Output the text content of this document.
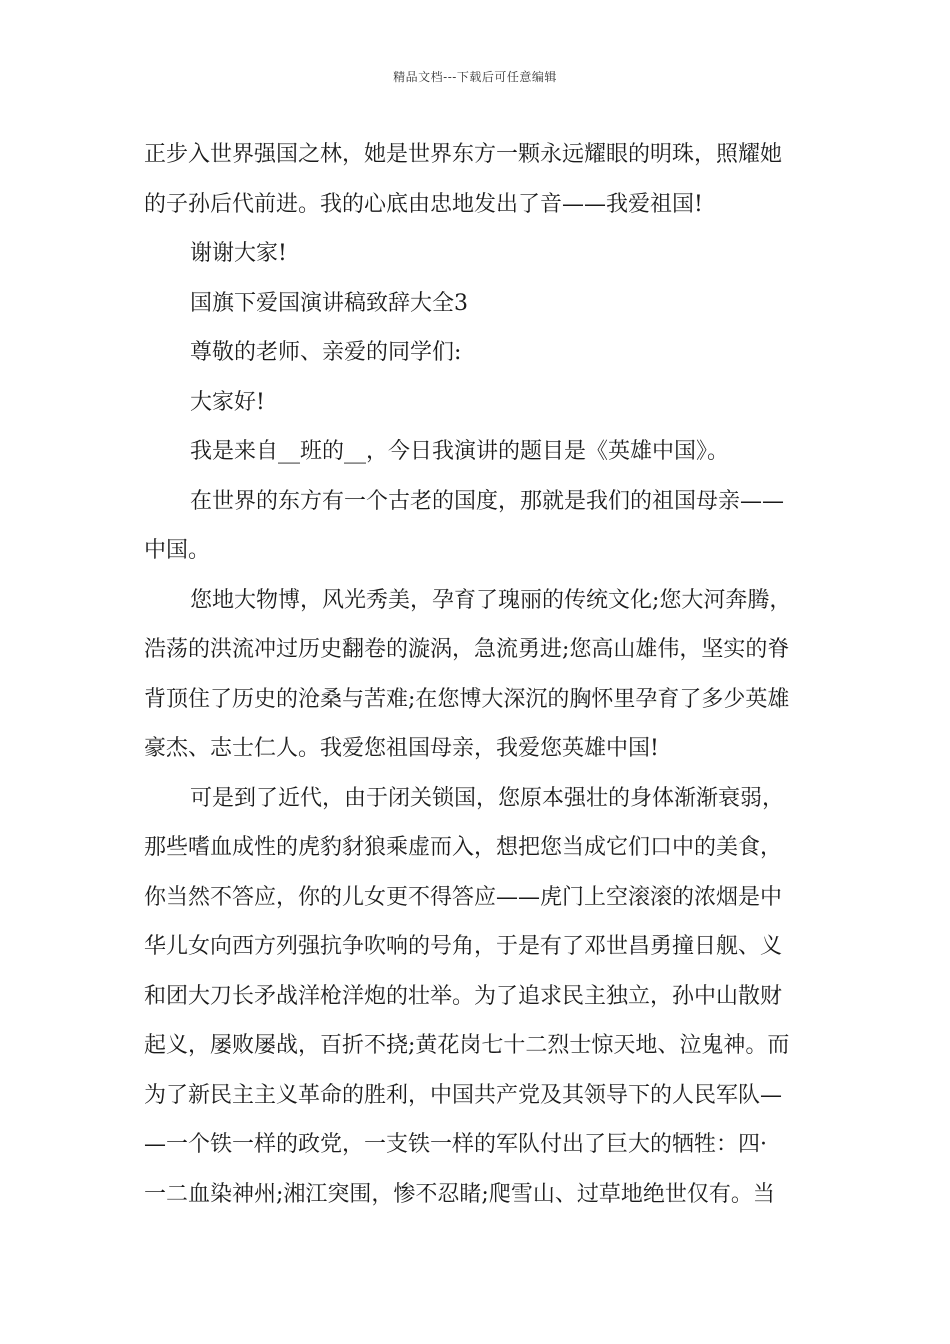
精品文档---下载后可任意编辑
正步入世界强国之林，她是世界东方一颗永远耀眼的明珠，照耀她
的子孙后代前进。我的心底由忠地发出了音——我爱祖国!
谢谢大家!
国旗下爱国演讲稿致辞大全3
尊敬的老师、亲爱的同学们:
大家好!
我是来自__班的__，今日我演讲的题目是《英雄中国》。
在世界的东方有一个古老的国度，那就是我们的祖国母亲——
中国。
您地大物博，风光秀美，孕育了瑰丽的传统文化;您大河奔腾，
浩荡的洪流冲过历史翻卷的漩涡，急流勇进;您高山雄伟，坚实的脊
背顶住了历史的沧桑与苦难;在您博大深沉的胸怀里孕育了多少英雄
豪杰、志士仁人。我爱您祖国母亲，我爱您英雄中国!
可是到了近代，由于闭关锁国，您原本强壮的身体渐渐衰弱，
那些嗜血成性的虎豹豺狼乘虚而入，想把您当成它们口中的美食，
你当然不答应，你的儿女更不得答应——虎门上空滚滚的浓烟是中
华儿女向西方列强抗争吹响的号角，于是有了邓世昌勇撞日舰、义
和团大刀长矛战洋枪洋炮的壮举。为了追求民主独立，孙中山散财
起义，屡败屡战，百折不挠;黄花岗七十二烈士惊天地、泣鬼神。而
为了新民主主义革命的胜利，中国共产党及其领导下的人民军队—
—一个铁一样的政党，一支铁一样的军队付出了巨大的牺牲：四·
一二血染神州;湘江突围，惨不忍睹;爬雪山、过草地绝世仅有。当
